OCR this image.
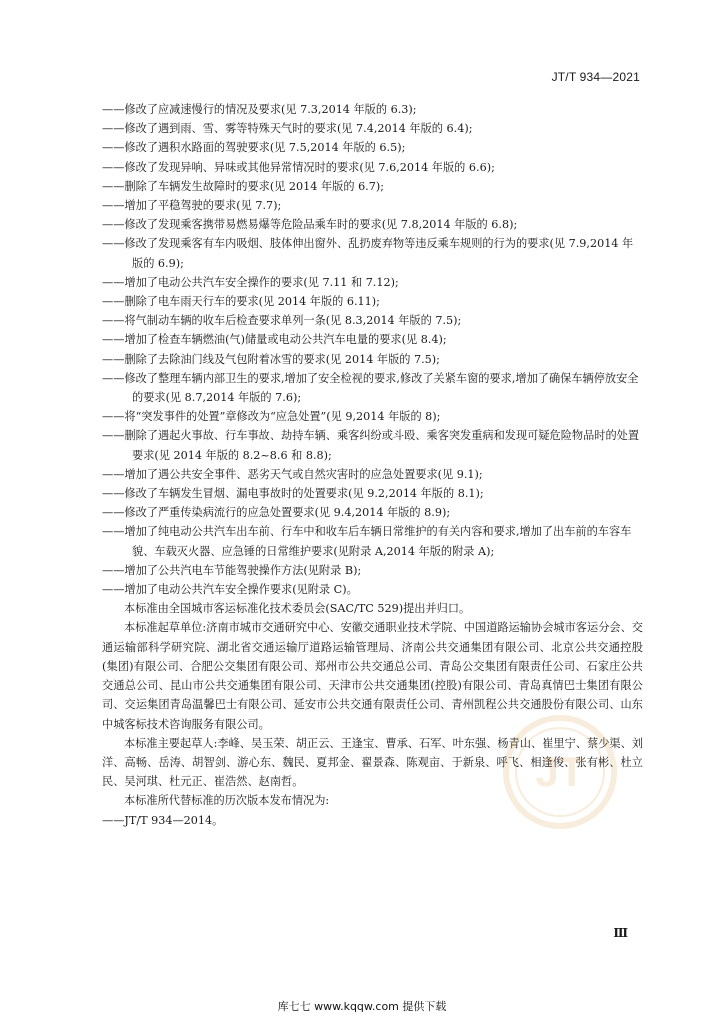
JT/T 934—2021

——修改了应减速慢行的情况及要求(见 7.3,2014 年版的 6.3);

——修改了遇到雨、雪、雾等特殊天气时的要求(见 7.4,2014 年版的 6.4);

——修改了遇积水路面的驾驶要求(见 7.5,2014 年版的 6.5);

——修改了发现异响、异味或其他异常情况时的要求(见 7.6,2014 年版的 6.6);

——删除了车辆发生故障时的要求(见 2014 年版的 6.7);

——增加了平稳驾驶的要求(见 7.7);

——修改了发现乘客携带易燃易爆等危险品乘车时的要求(见 7.8,2014 年版的 6.8);

——修改了发现乘客有车内吸烟、肢体伸出窗外、乱扔废弃物等违反乘车规则的行为的要求(见 7.9,2014 年版的 6.9);

——增加了电动公共汽车安全操作的要求(见 7.11 和 7.12);

——删除了电车雨天行车的要求(见 2014 年版的 6.11);

——将气制动车辆的收车后检查要求单列一条(见 8.3,2014 年版的 7.5);

——增加了检查车辆燃油(气)储量或电动公共汽车电量的要求(见 8.4);

——删除了去除油门线及气包附着冰雪的要求(见 2014 年版的 7.5);

——修改了整理车辆内部卫生的要求,增加了安全检视的要求,修改了关紧车窗的要求,增加了确保车辆停放安全的要求(见 8.7,2014 年版的 7.6);

——将“突发事件的处置”章修改为“应急处置”(见 9,2014 年版的 8);

——删除了遇起火事故、行车事故、劫持车辆、乘客纠纷或斗殴、乘客突发重病和发现可疑危险物品时的处置要求(见 2014 年版的 8.2~8.6 和 8.8);

——增加了遇公共安全事件、恶劣天气或自然灾害时的应急处置要求(见 9.1);

——修改了车辆发生冒烟、漏电事故时的处置要求(见 9.2,2014 年版的 8.1);

——修改了严重传染病流行的应急处置要求(见 9.4,2014 年版的 8.9);

——增加了纯电动公共汽车出车前、行车中和收车后车辆日常维护的有关内容和要求,增加了出车前的车容车貌、车载灭火器、应急锤的日常维护要求(见附录 A,2014 年版的附录 A);

——增加了公共汽电车节能驾驶操作方法(见附录 B);

——增加了电动公共汽车安全操作要求(见附录 C)。

本标准由全国城市客运标准化技术委员会(SAC/TC 529)提出并归口。

本标准起草单位:济南市城市交通研究中心、安徽交通职业技术学院、中国道路运输协会城市客运分会、交通运输部科学研究院、湖北省交通运输厅道路运输管理局、济南公共交通集团有限公司、北京公共交通控股(集团)有限公司、合肥公交集团有限公司、郑州市公共交通总公司、青岛公交集团有限责任公司、石家庄公共交通总公司、昆山市公共交通集团有限公司、天津市公共交通集团(控股)有限公司、青岛真情巴士集团有限公司、交运集团青岛温馨巴士有限公司、延安市公共交通有限责任公司、青州凯程公共交通股份有限公司、山东中城客标技术咨询服务有限公司。

本标准主要起草人:李峰、吴玉荣、胡正云、王逢宝、曹承、石军、叶东强、杨青山、崔里宁、蔡少渠、刘洋、高畅、岳涛、胡智剑、游心东、魏民、夏邦金、翟景森、陈观亩、于新泉、呼飞、相逢俊、张有彬、杜立民、吴河琪、杜元正、崔浩然、赵南哲。

本标准所代替标准的历次版本发布情况为:

——JT/T 934—2014。

JT
Ⅲ
库七七 www.kqqw.com 提供下载
